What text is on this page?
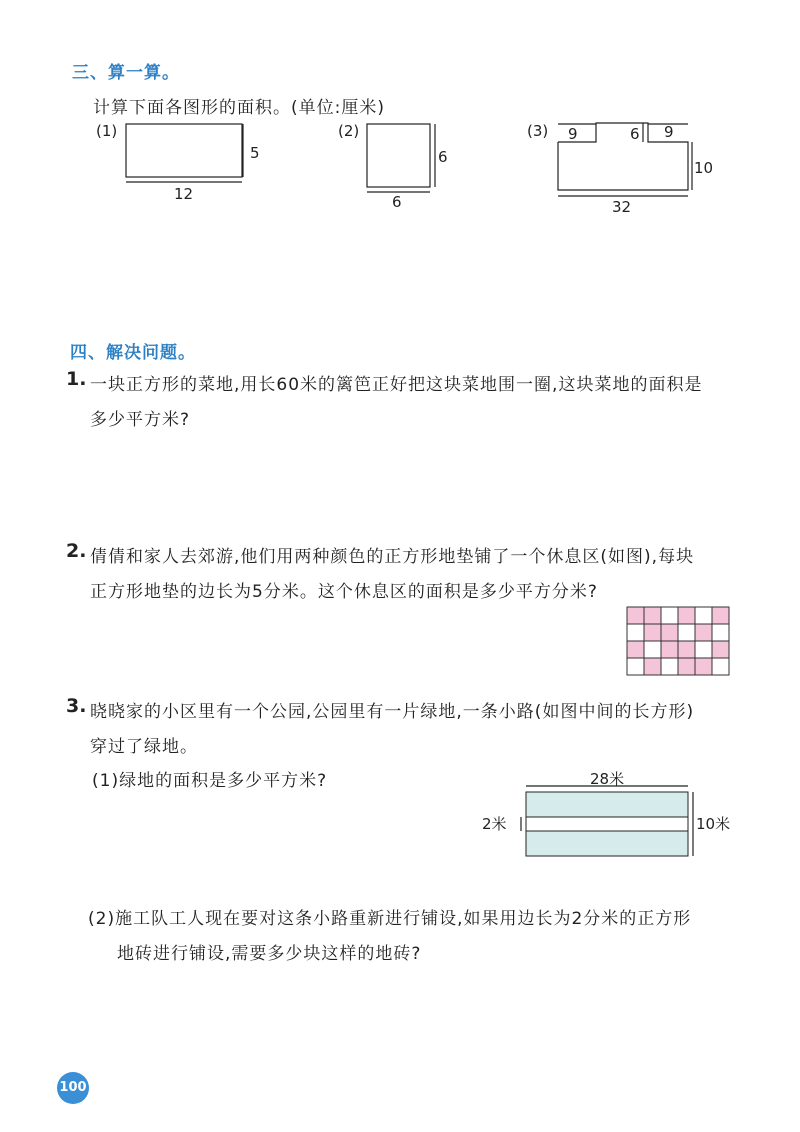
三、算一算。
计算下面各图形的面积。(单位:厘米)
(1)
5
12
(2)
6
6
(3) 9	6 9
10
32
四、解决问题。
1. 一块正方形的菜地,用长60米的篱笆正好把这块菜地围一圈,这块菜地的面积是
多少平方米?
2. 倩倩和家人去郊游,他们用两种颜色的正方形地垫铺了一个休息区(如图),每块
正方形地垫的边长为5分米。这个休息区的面积是多少平方分米?
3. 晓晓家的小区里有一个公园,公园里有一片绿地,一条小路(如图中间的长方形)
穿过了绿地。
(1)绿地的面积是多少平方米?	28米
2米	10米
(2)施工队工人现在要对这条小路重新进行铺设,如果用边长为2分米的正方形
地砖进行铺设,需要多少块这样的地砖?
100
